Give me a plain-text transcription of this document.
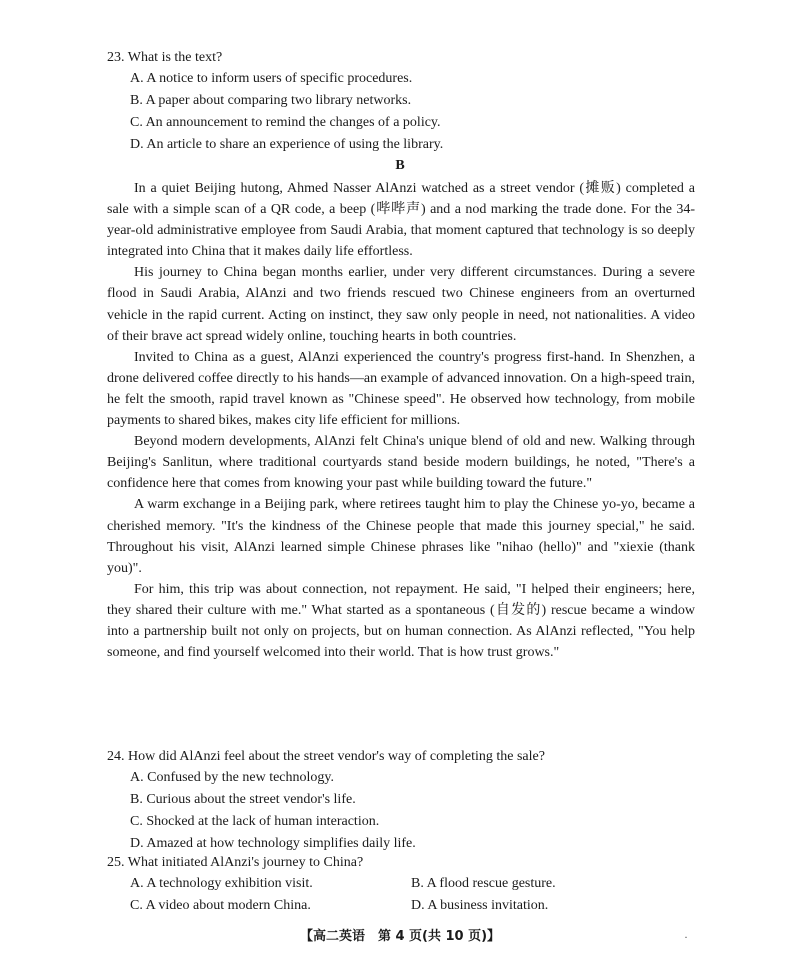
23. What is the text?
A. A notice to inform users of specific procedures.
B. A paper about comparing two library networks.
C. An announcement to remind the changes of a policy.
D. An article to share an experience of using the library.
B

In a quiet Beijing hutong, Ahmed Nasser AlAnzi watched as a street vendor (摊贩) completed a sale with a simple scan of a QR code, a beep (哔哔声) and a nod marking the trade done. For the 34-year-old administrative employee from Saudi Arabia, that moment captured that technology is so deeply integrated into China that it makes daily life effortless.

His journey to China began months earlier, under very different circumstances. During a severe flood in Saudi Arabia, AlAnzi and two friends rescued two Chinese engineers from an overturned vehicle in the rapid current. Acting on instinct, they saw only people in need, not nationalities. A video of their brave act spread widely online, touching hearts in both countries.

Invited to China as a guest, AlAnzi experienced the country's progress first-hand. In Shenzhen, a drone delivered coffee directly to his hands—an example of advanced innovation. On a high-speed train, he felt the smooth, rapid travel known as "Chinese speed". He observed how technology, from mobile payments to shared bikes, makes city life efficient for millions.

Beyond modern developments, AlAnzi felt China's unique blend of old and new. Walking through Beijing's Sanlitun, where traditional courtyards stand beside modern buildings, he noted, "There's a confidence here that comes from knowing your past while building toward the future."

A warm exchange in a Beijing park, where retirees taught him to play the Chinese yo-yo, became a cherished memory. "It's the kindness of the Chinese people that made this journey special," he said. Throughout his visit, AlAnzi learned simple Chinese phrases like "nihao (hello)" and "xiexie (thank you)".

For him, this trip was about connection, not repayment. He said, "I helped their engineers; here, they shared their culture with me." What started as a spontaneous (自发的) rescue became a window into a partnership built not only on projects, but on human connection. As AlAnzi reflected, "You help someone, and find yourself welcomed into their world. That is how trust grows."

24. How did AlAnzi feel about the street vendor's way of completing the sale?
A. Confused by the new technology.
B. Curious about the street vendor's life.
C. Shocked at the lack of human interaction.
D. Amazed at how technology simplifies daily life.
25. What initiated AlAnzi's journey to China?
A. A technology exhibition visit.	B. A flood rescue gesture.
C. A video about modern China.	D. A business invitation.
【高二英语　第 4 页(共 10 页)】	·
